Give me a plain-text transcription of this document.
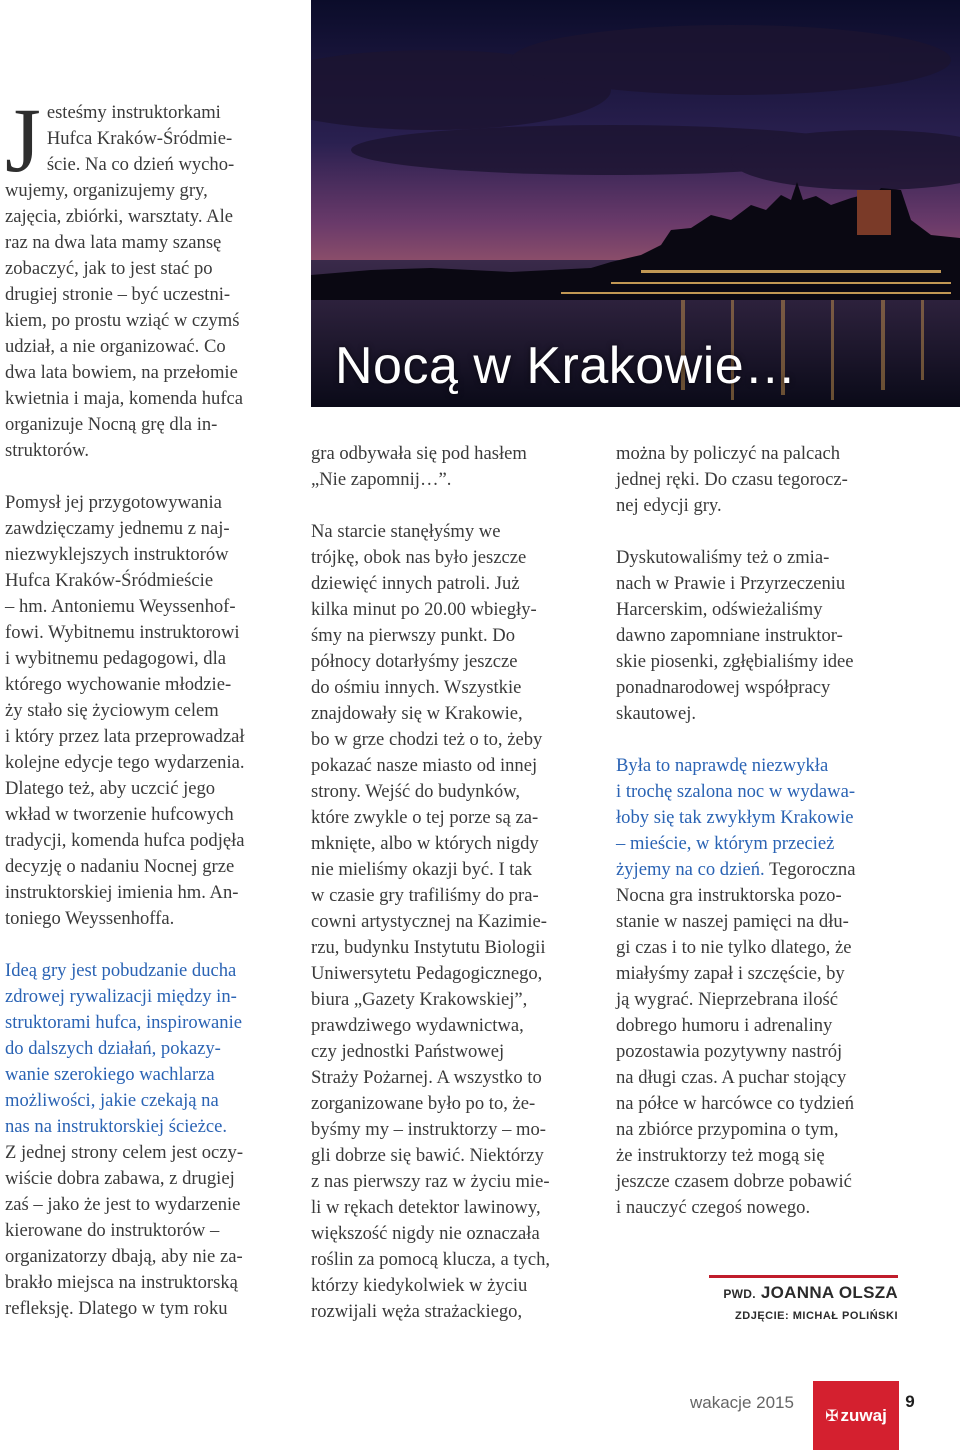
Nocą w Krakowie…
J esteśmy instruktorkami
Hufca Kraków-Śródmie-
ście. Na co dzień wycho-
wujemy, organizujemy gry,
zajęcia, zbiórki, warsztaty. Ale
raz na dwa lata mamy szansę
zobaczyć, jak to jest stać po
drugiej stronie – być uczestni-
kiem, po prostu wziąć w czymś
udział, a nie organizować. Co
dwa lata bowiem, na przełomie
kwietnia i maja, komenda hufca
organizuje Nocną grę dla in-
struktorów.

Pomysł jej przygotowywania
zawdzięczamy jednemu z naj-
niezwyklejszych instruktorów
Hufca Kraków-Śródmieście
– hm. Antoniemu Weyssenhof-
fowi. Wybitnemu instruktorowi
i wybitnemu pedagogowi, dla
którego wychowanie młodzie-
ży stało się życiowym celem
i który przez lata przeprowadzał
kolejne edycje tego wydarzenia.
Dlatego też, aby uczcić jego
wkład w tworzenie hufcowych
tradycji, komenda hufca podjęła
decyzję o nadaniu Nocnej grze
instruktorskiej imienia hm. An-
toniego Weyssenhoffa.

Ideą gry jest pobudzanie ducha
zdrowej rywalizacji między in-
struktorami hufca, inspirowanie
do dalszych działań, pokazy-
wanie szerokiego wachlarza
możliwości, jakie czekają na
nas na instruktorskiej ścieżce.
Z jednej strony celem jest oczy-
wiście dobra zabawa, z drugiej
zaś – jako że jest to wydarzenie
kierowane do instruktorów –
organizatorzy dbają, aby nie za-
brakło miejsca na instruktorską
refleksję. Dlatego w tym roku

gra odbywała się pod hasłem
„Nie zapomnij…”.

Na starcie stanęłyśmy we
trójkę, obok nas było jeszcze
dziewięć innych patroli. Już
kilka minut po 20.00 wbiegły-
śmy na pierwszy punkt. Do
północy dotarłyśmy jeszcze
do ośmiu innych. Wszystkie
znajdowały się w Krakowie,
bo w grze chodzi też o to, żeby
pokazać nasze miasto od innej
strony. Wejść do budynków,
które zwykle o tej porze są za-
mknięte, albo w których nigdy
nie mieliśmy okazji być. I tak
w czasie gry trafiliśmy do pra-
cowni artystycznej na Kazimie-
rzu, budynku Instytutu Biologii
Uniwersytetu Pedagogicznego,
biura „Gazety Krakowskiej”,
prawdziwego wydawnictwa,
czy jednostki Państwowej
Straży Pożarnej. A wszystko to
zorganizowane było po to, że-
byśmy my – instruktorzy – mo-
gli dobrze się bawić. Niektórzy
z nas pierwszy raz w życiu mie-
li w rękach detektor lawinowy,
większość nigdy nie oznaczała
roślin za pomocą klucza, a tych,
którzy kiedykolwiek w życiu
rozwijali węża strażackiego,

można by policzyć na palcach
jednej ręki. Do czasu tegorocz-
nej edycji gry.

Dyskutowaliśmy też o zmia-
nach w Prawie i Przyrzeczeniu
Harcerskim, odświeżaliśmy
dawno zapomniane instruktor-
skie piosenki, zgłębialiśmy idee
ponadnarodowej współpracy
skautowej.

Była to naprawdę niezwykła
i trochę szalona noc w wydawa-
łoby się tak zwykłym Krakowie
– mieście, w którym przecież
żyjemy na co dzień. Tegoroczna
Nocna gra instruktorska pozo-
stanie w naszej pamięci na dłu-
gi czas i to nie tylko dlatego, że
miałyśmy zapał i szczęście, by
ją wygrać. Nieprzebrana ilość
dobrego humoru i adrenaliny
pozostawia pozytywny nastrój
na długi czas. A puchar stojący
na półce w harcówce co tydzień
na zbiórce przypomina o tym,
że instruktorzy też mogą się
jeszcze czasem dobrze pobawić
i nauczyć czegoś nowego.

PWD. JOANNA OLSZA
ZDJĘCIE: MICHAŁ POLIŃSKI
wakacje 2015
✠ zuwaj
9
